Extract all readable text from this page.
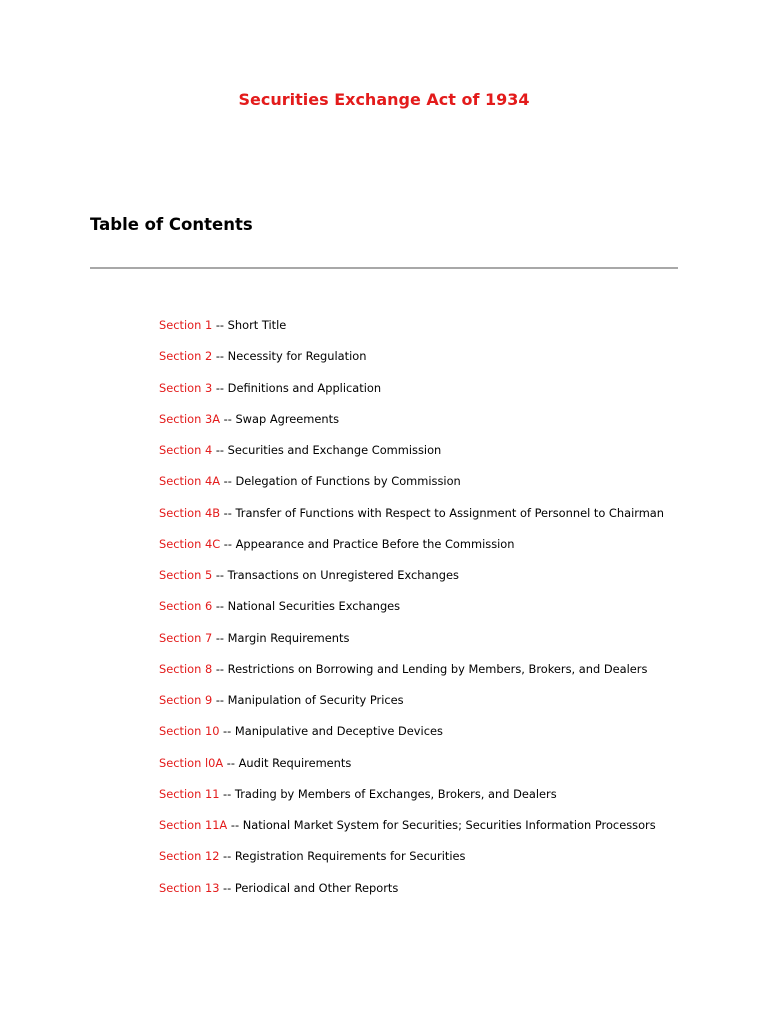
Securities Exchange Act of 1934
Table of Contents
Section 1 -- Short Title
Section 2 -- Necessity for Regulation
Section 3 -- Definitions and Application
Section 3A -- Swap Agreements
Section 4 -- Securities and Exchange Commission
Section 4A -- Delegation of Functions by Commission
Section 4B -- Transfer of Functions with Respect to Assignment of Personnel to Chairman
Section 4C -- Appearance and Practice Before the Commission
Section 5 -- Transactions on Unregistered Exchanges
Section 6 -- National Securities Exchanges
Section 7 -- Margin Requirements
Section 8 -- Restrictions on Borrowing and Lending by Members, Brokers, and Dealers
Section 9 -- Manipulation of Security Prices
Section 10 -- Manipulative and Deceptive Devices
Section l0A -- Audit Requirements
Section 11 -- Trading by Members of Exchanges, Brokers, and Dealers
Section 11A -- National Market System for Securities; Securities Information Processors
Section 12 -- Registration Requirements for Securities
Section 13 -- Periodical and Other Reports
